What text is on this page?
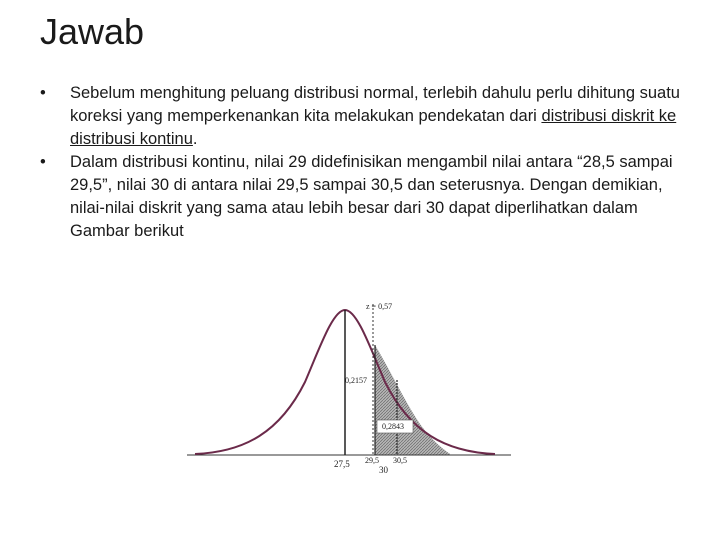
Jawab
•	Sebelum menghitung peluang distribusi normal, terlebih dahulu perlu dihitung suatu koreksi yang memperkenankan kita melakukan pendekatan dari distribusi diskrit ke distribusi kontinu.
•	Dalam distribusi kontinu, nilai 29 didefinisikan mengambil nilai antara “28,5 sampai 29,5”, nilai 30 di antara nilai 29,5 sampai 30,5 dan seterusnya. Dengan demikian, nilai-nilai diskrit yang sama atau lebih besar dari 30 dapat diperlihatkan dalam Gambar berikut
z = 0,57
0,2157
0,2843
27,5 29,5 30,5
30
